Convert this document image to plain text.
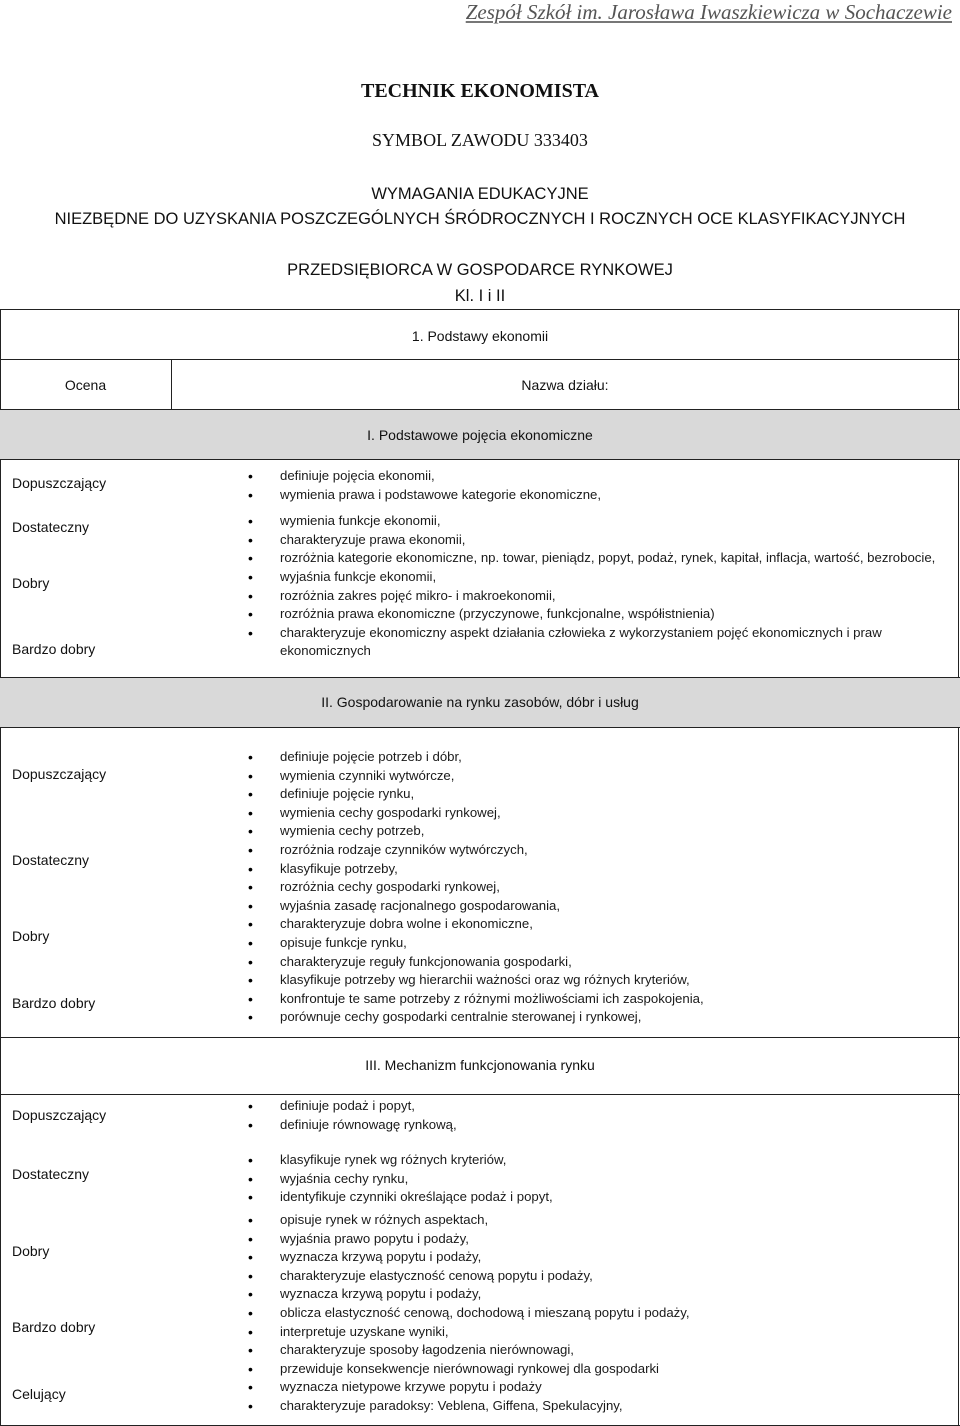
Zespół Szkół im. Jarosława Iwaszkiewicza w Sochaczewie
TECHNIK EKONOMISTA
SYMBOL ZAWODU 333403
WYMAGANIA EDUKACYJNE
NIEZBĘDNE DO UZYSKANIA POSZCZEGÓLNYCH ŚRÓDROCZNYCH I ROCZNYCH OCE KLASYFIKACYJNYCH
PRZEDSIĘBIORCA W GOSPODARCE RYNKOWEJ
Kl. I i II
1. Podstawy ekonomii
Ocena	Nazwa działu:
I. Podstawowe pojęcia ekonomiczne
Dopuszczający
Dostateczny
Dobry
Bardzo dobry
• definiuje pojęcia ekonomii,
• wymienia prawa i podstawowe kategorie ekonomiczne,
• wymienia funkcje ekonomii,
• charakteryzuje prawa ekonomii,
• rozróżnia kategorie ekonomiczne, np. towar, pieniądz, popyt, podaż, rynek, kapitał, inflacja, wartość, bezrobocie,
• wyjaśnia funkcje ekonomii,
• rozróżnia zakres pojęć mikro- i makroekonomii,
• rozróżnia prawa ekonomiczne (przyczynowe, funkcjonalne, współistnienia)
• charakteryzuje ekonomiczny aspekt działania człowieka z wykorzystaniem pojęć ekonomicznych i praw ekonomicznych
II. Gospodarowanie na rynku zasobów, dóbr i usług
Dopuszczający
Dostateczny
Dobry
Bardzo dobry
• definiuje pojęcie potrzeb i dóbr,
• wymienia czynniki wytwórcze,
• definiuje pojęcie rynku,
• wymienia cechy gospodarki rynkowej,
• wymienia cechy potrzeb,
• rozróżnia rodzaje czynników wytwórczych,
• klasyfikuje potrzeby,
• rozróżnia cechy gospodarki rynkowej,
• wyjaśnia zasadę racjonalnego gospodarowania,
• charakteryzuje dobra wolne i ekonomiczne,
• opisuje funkcje rynku,
• charakteryzuje reguły funkcjonowania gospodarki,
• klasyfikuje potrzeby wg hierarchii ważności oraz wg różnych kryteriów,
• konfrontuje te same potrzeby z różnymi możliwościami ich zaspokojenia,
• porównuje cechy gospodarki centralnie sterowanej i rynkowej,
III. Mechanizm funkcjonowania rynku
Dopuszczający
Dostateczny
Dobry
Bardzo dobry
Celujący
• definiuje podaż i popyt,
• definiuje równowagę rynkową,
• klasyfikuje rynek wg różnych kryteriów,
• wyjaśnia cechy rynku,
• identyfikuje czynniki określające podaż i popyt,
• opisuje rynek w różnych aspektach,
• wyjaśnia prawo popytu i podaży,
• wyznacza krzywą popytu i podaży,
• charakteryzuje elastyczność cenową popytu i podaży,
• wyznacza krzywą popytu i podaży,
• oblicza elastyczność cenową, dochodową i mieszaną popytu i podaży,
• interpretuje uzyskane wyniki,
• charakteryzuje sposoby łagodzenia nierównowagi,
• przewiduje konsekwencje nierównowagi rynkowej dla gospodarki
• wyznacza nietypowe krzywe popytu i podaży
• charakteryzuje paradoksy: Veblena, Giffena, Spekulacyjny,
